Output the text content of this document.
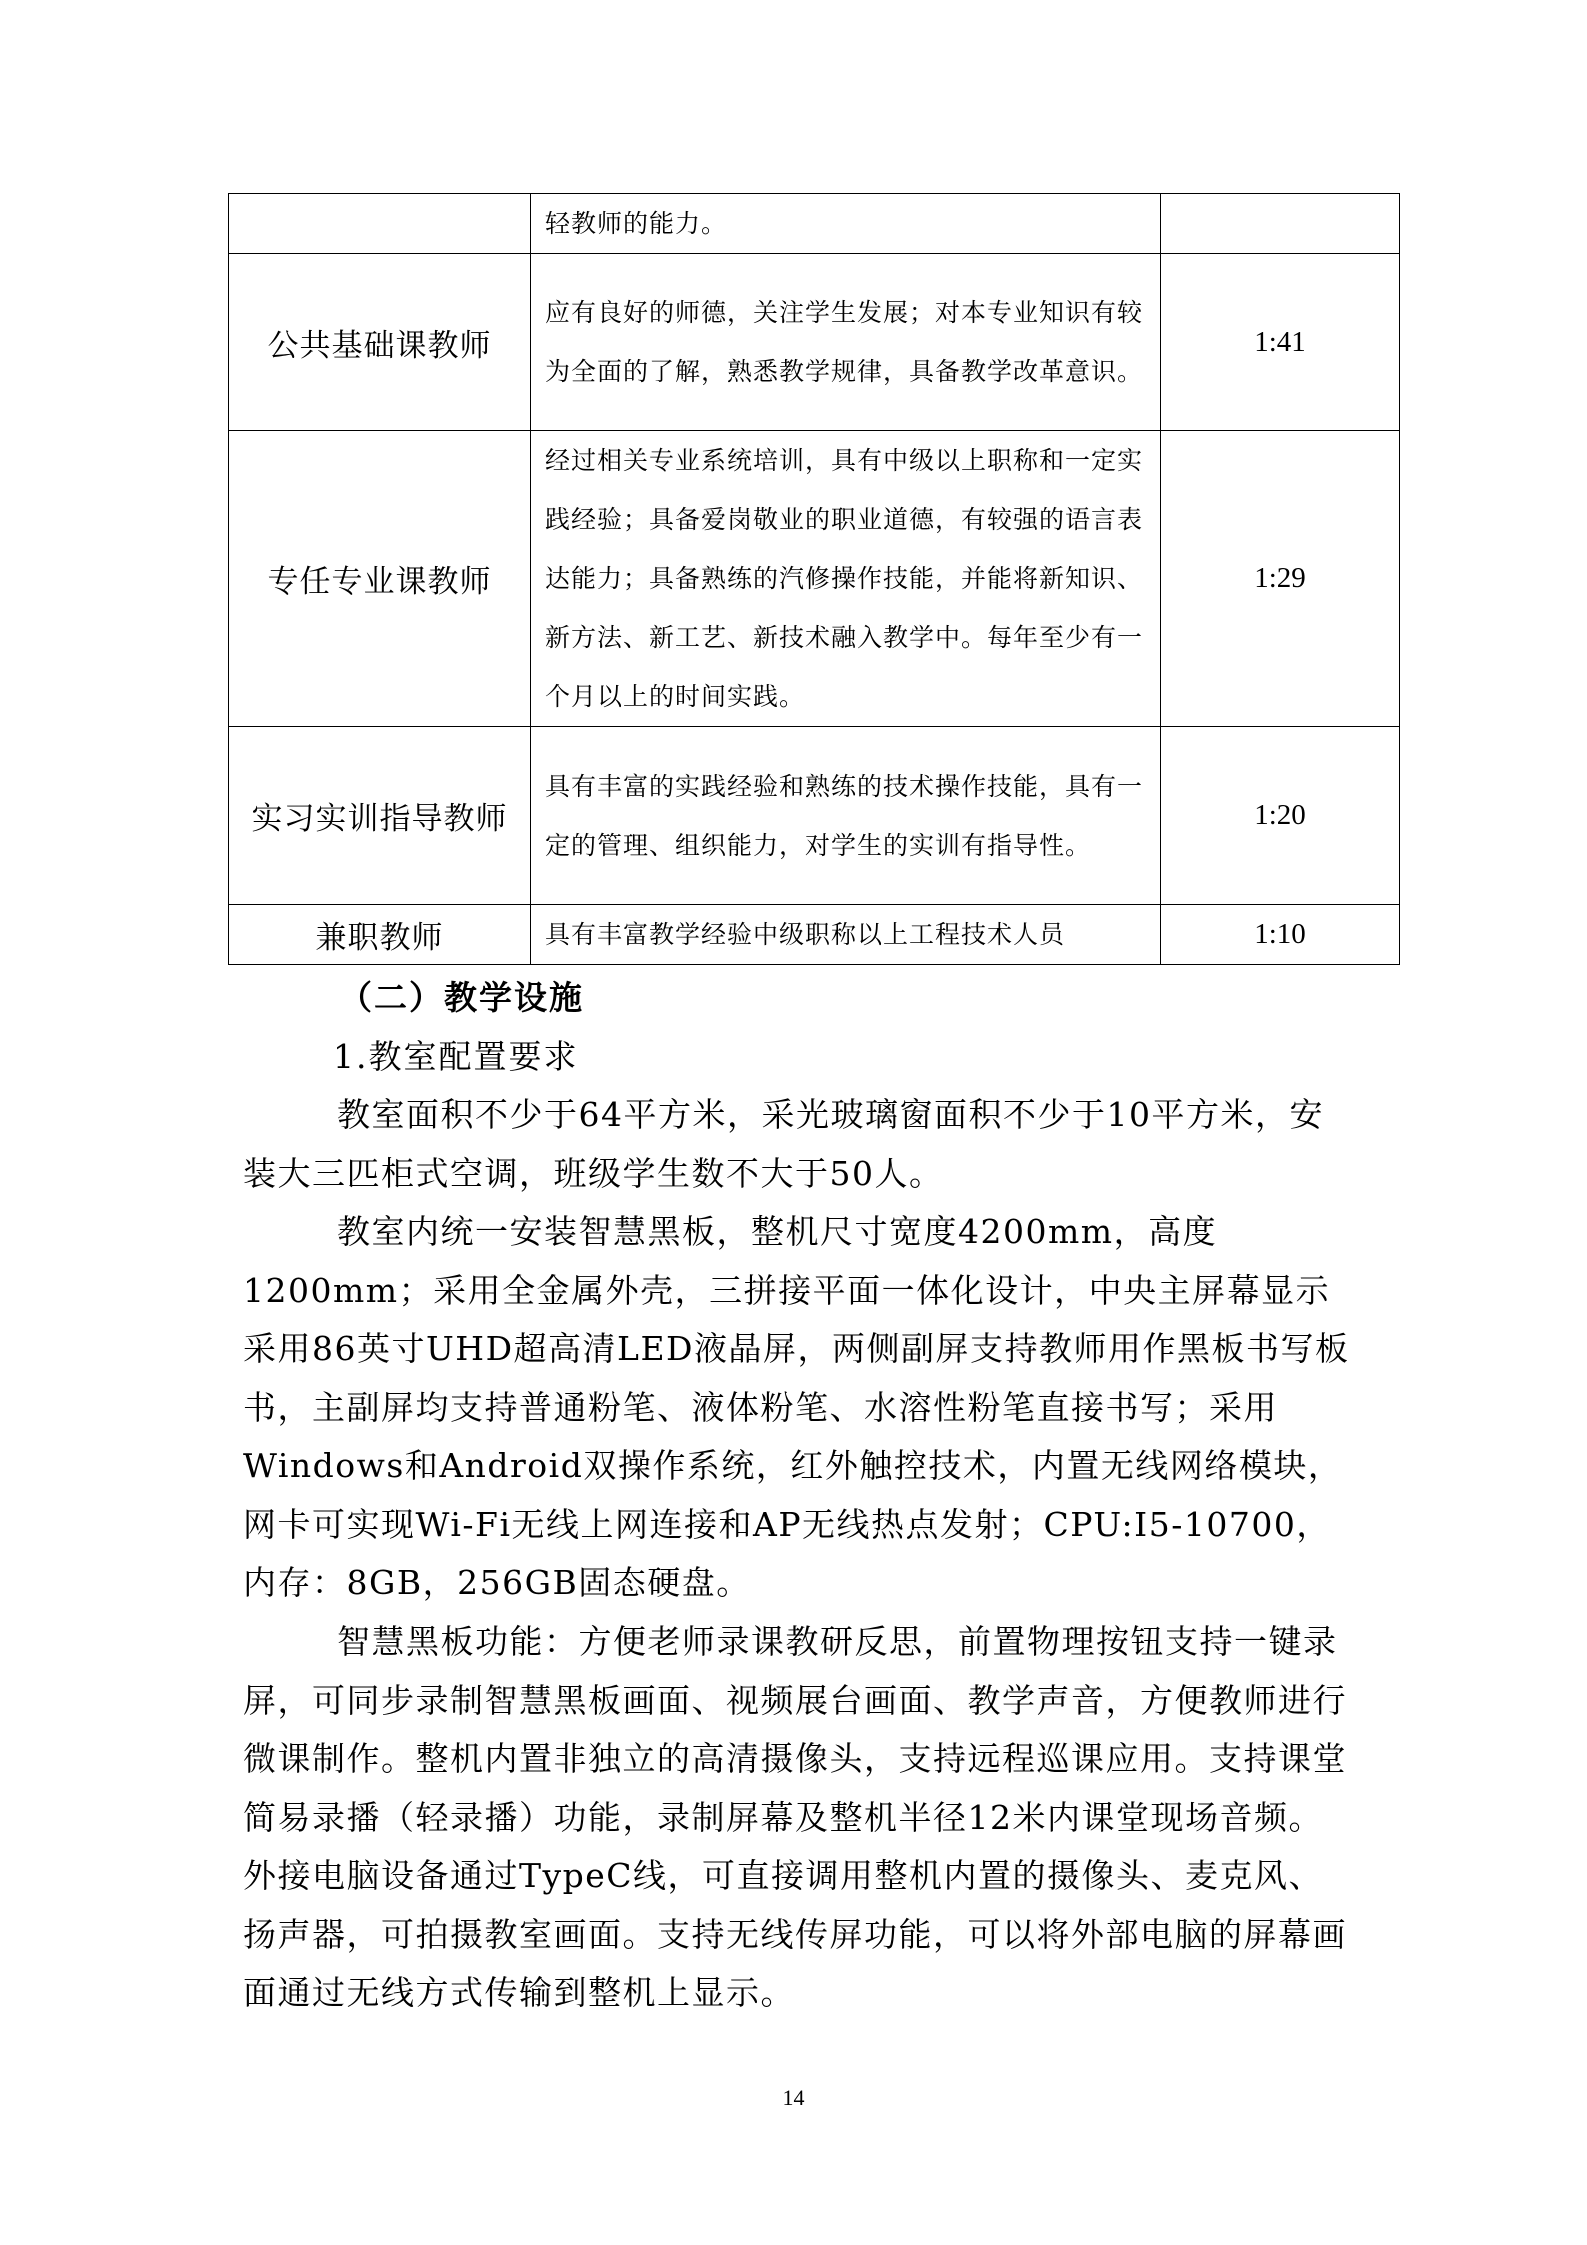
	轻教师的能力。	
公共基础课教师	应有良好的师德，关注学生发展；对本专业知识有较为全面的了解，熟悉教学规律，具备教学改革意识。	1:41
专任专业课教师	经过相关专业系统培训，具有中级以上职称和一定实践经验；具备爱岗敬业的职业道德，有较强的语言表达能力；具备熟练的汽修操作技能，并能将新知识、新方法、新工艺、新技术融入教学中。每年至少有一个月以上的时间实践。	1:29
实习实训指导教师	具有丰富的实践经验和熟练的技术操作技能，具有一定的管理、组织能力，对学生的实训有指导性。	1:20
兼职教师	具有丰富教学经验中级职称以上工程技术人员	1:10
（二）教学设施
1.教室配置要求

教室面积不少于64平方米，采光玻璃窗面积不少于10平方米，安装大三匹柜式空调，班级学生数不大于50人。

教室内统一安装智慧黑板，整机尺寸宽度4200mm，高度1200mm；采用全金属外壳，三拼接平面一体化设计，中央主屏幕显示采用86英寸UHD超高清LED液晶屏，两侧副屏支持教师用作黑板书写板书，主副屏均支持普通粉笔、液体粉笔、水溶性粉笔直接书写；采用Windows和Android双操作系统，红外触控技术，内置无线网络模块，网卡可实现Wi-Fi无线上网连接和AP无线热点发射；CPU:I5-10700，内存：8GB，256GB固态硬盘。

智慧黑板功能：方便老师录课教研反思，前置物理按钮支持一键录屏，可同步录制智慧黑板画面、视频展台画面、教学声音，方便教师进行微课制作。整机内置非独立的高清摄像头，支持远程巡课应用。支持课堂简易录播（轻录播）功能，录制屏幕及整机半径12米内课堂现场音频。外接电脑设备通过TypeC线，可直接调用整机内置的摄像头、麦克风、扬声器，可拍摄教室画面。支持无线传屏功能，可以将外部电脑的屏幕画面通过无线方式传输到整机上显示。

14
